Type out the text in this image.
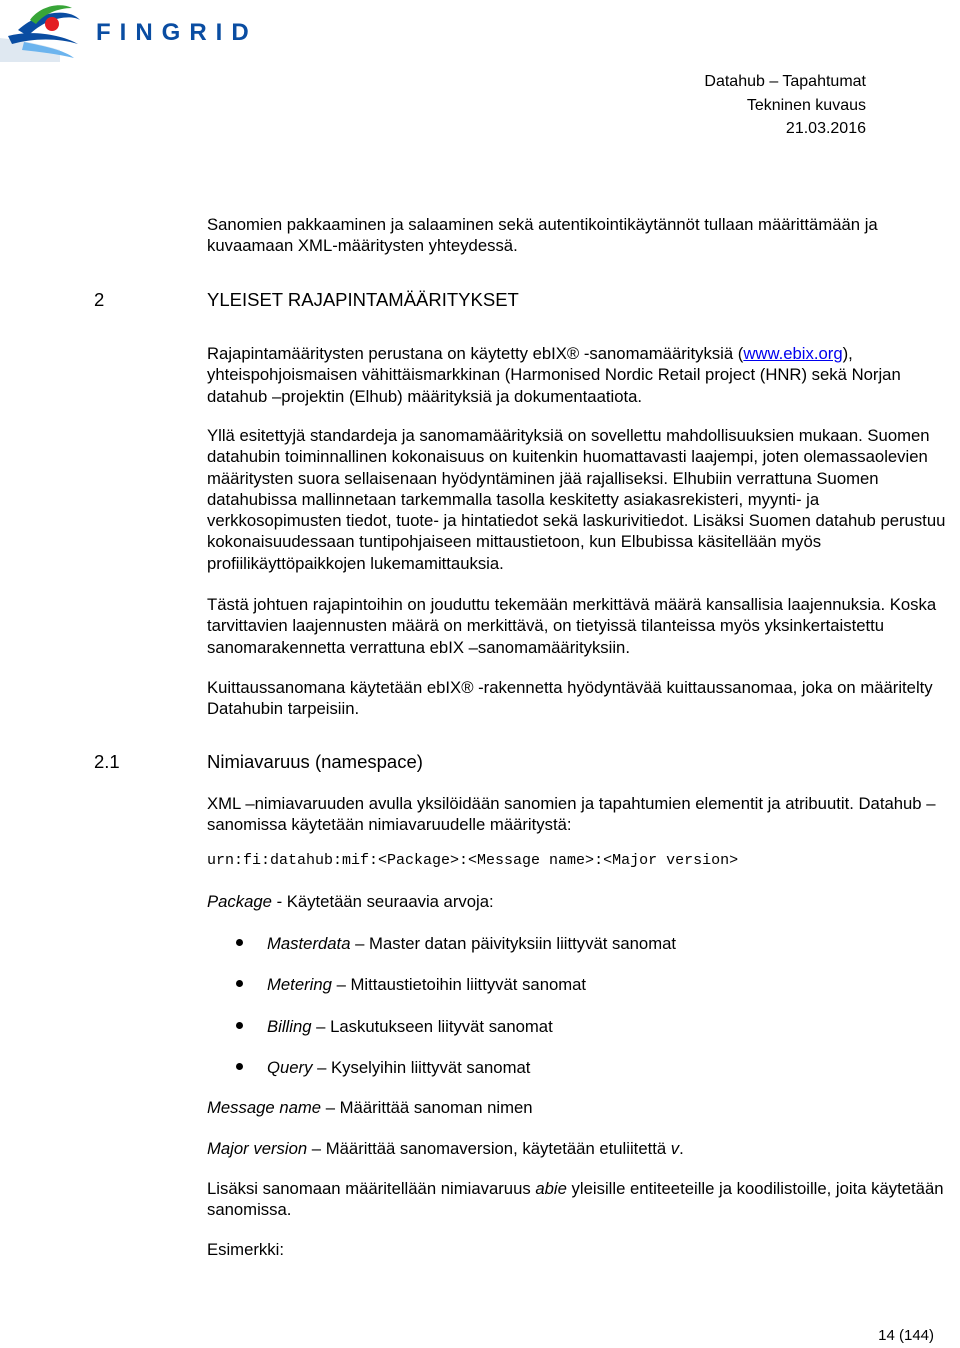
FINGRID
Datahub – Tapahtumat
Tekninen kuvaus
21.03.2016

Sanomien pakkaaminen ja salaaminen sekä autentikointikäytännöt tullaan määrittämään ja kuvaamaan XML-määritysten yhteydessä.

2	YLEISET RAJAPINTAMÄÄRITYKSET

Rajapintamääritysten perustana on käytetty ebIX® -sanomamäärityksiä (www.ebix.org), yhteispohjoismaisen vähittäismarkkinan (Harmonised Nordic Retail project (HNR) sekä Norjan datahub –projektin (Elhub) määrityksiä ja dokumentaatiota.

Yllä esitettyjä standardeja ja sanomamäärityksiä on sovellettu mahdollisuuksien mukaan. Suomen datahubin toiminnallinen kokonaisuus on kuitenkin huomattavasti laajempi, joten olemassaolevien määritysten suora sellaisenaan hyödyntäminen jää rajalliseksi. Elhubiin verrattuna Suomen datahubissa mallinnetaan tarkemmalla tasolla keskitetty asiakasrekisteri, myynti- ja verkkosopimusten tiedot, tuote- ja hintatiedot sekä laskurivitiedot. Lisäksi Suomen datahub perustuu kokonaisuudessaan tuntipohjaiseen mittaustietoon, kun Elbubissa käsitellään myös profiilikäyttöpaikkojen lukemamittauksia.

Tästä johtuen rajapintoihin on jouduttu tekemään merkittävä määrä kansallisia laajennuksia. Koska tarvittavien laajennusten määrä on merkittävä, on tietyissä tilanteissa myös yksinkertaistettu sanomarakennetta verrattuna ebIX –sanomamäärityksiin.

Kuittaussanomana käytetään ebIX® -rakennetta hyödyntävää kuittaussanomaa, joka on määritelty Datahubin tarpeisiin.

2.1	Nimiavaruus (namespace)

XML –nimiavaruuden avulla yksilöidään sanomien ja tapahtumien elementit ja atribuutit. Datahub –sanomissa käytetään nimiavaruudelle määritystä:

urn:fi:datahub:mif:<Package>:<Message name>:<Major version>

Package - Käytetään seuraavia arvoja:

Masterdata – Master datan päivityksiin liittyvät sanomat
Metering – Mittaustietoihin liittyvät sanomat
Billing – Laskutukseen liityvät sanomat
Query – Kyselyihin liittyvät sanomat

Message name – Määrittää sanoman nimen

Major version – Määrittää sanomaversion, käytetään etuliitettä v.

Lisäksi sanomaan määritellään nimiavaruus abie yleisille entiteeteille ja koodilistoille, joita käytetään sanomissa.

Esimerkki:

14 (144)
